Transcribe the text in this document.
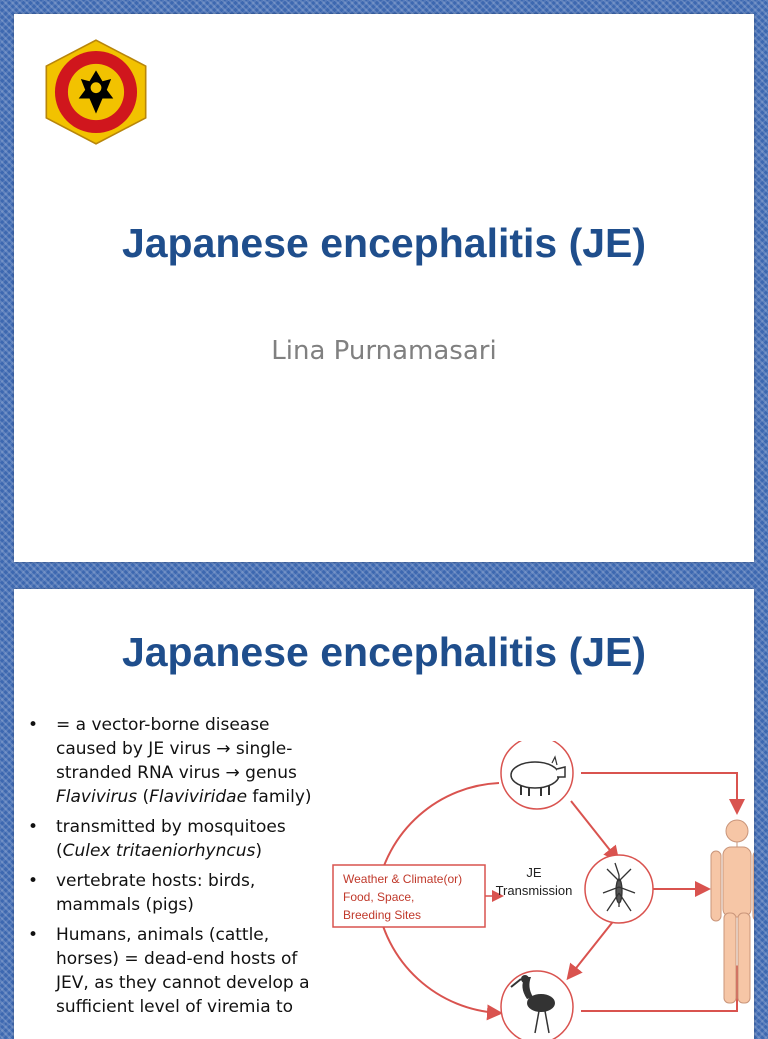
Japanese encephalitis (JE)
Lina Purnamasari
Japanese encephalitis (JE)
• = a vector-borne disease caused by JE virus → single-stranded RNA virus → genus Flavivirus (Flaviviridae family)
• transmitted by mosquitoes (Culex tritaeniorhyncus)
• vertebrate hosts: birds, mammals (pigs)
• Humans, animals (cattle, horses) = dead-end hosts of JEV, as they cannot develop a sufficient level of viremia to
Weather & Climate(or)
Food, Space,
Breeding Sites
JE
Transmission
